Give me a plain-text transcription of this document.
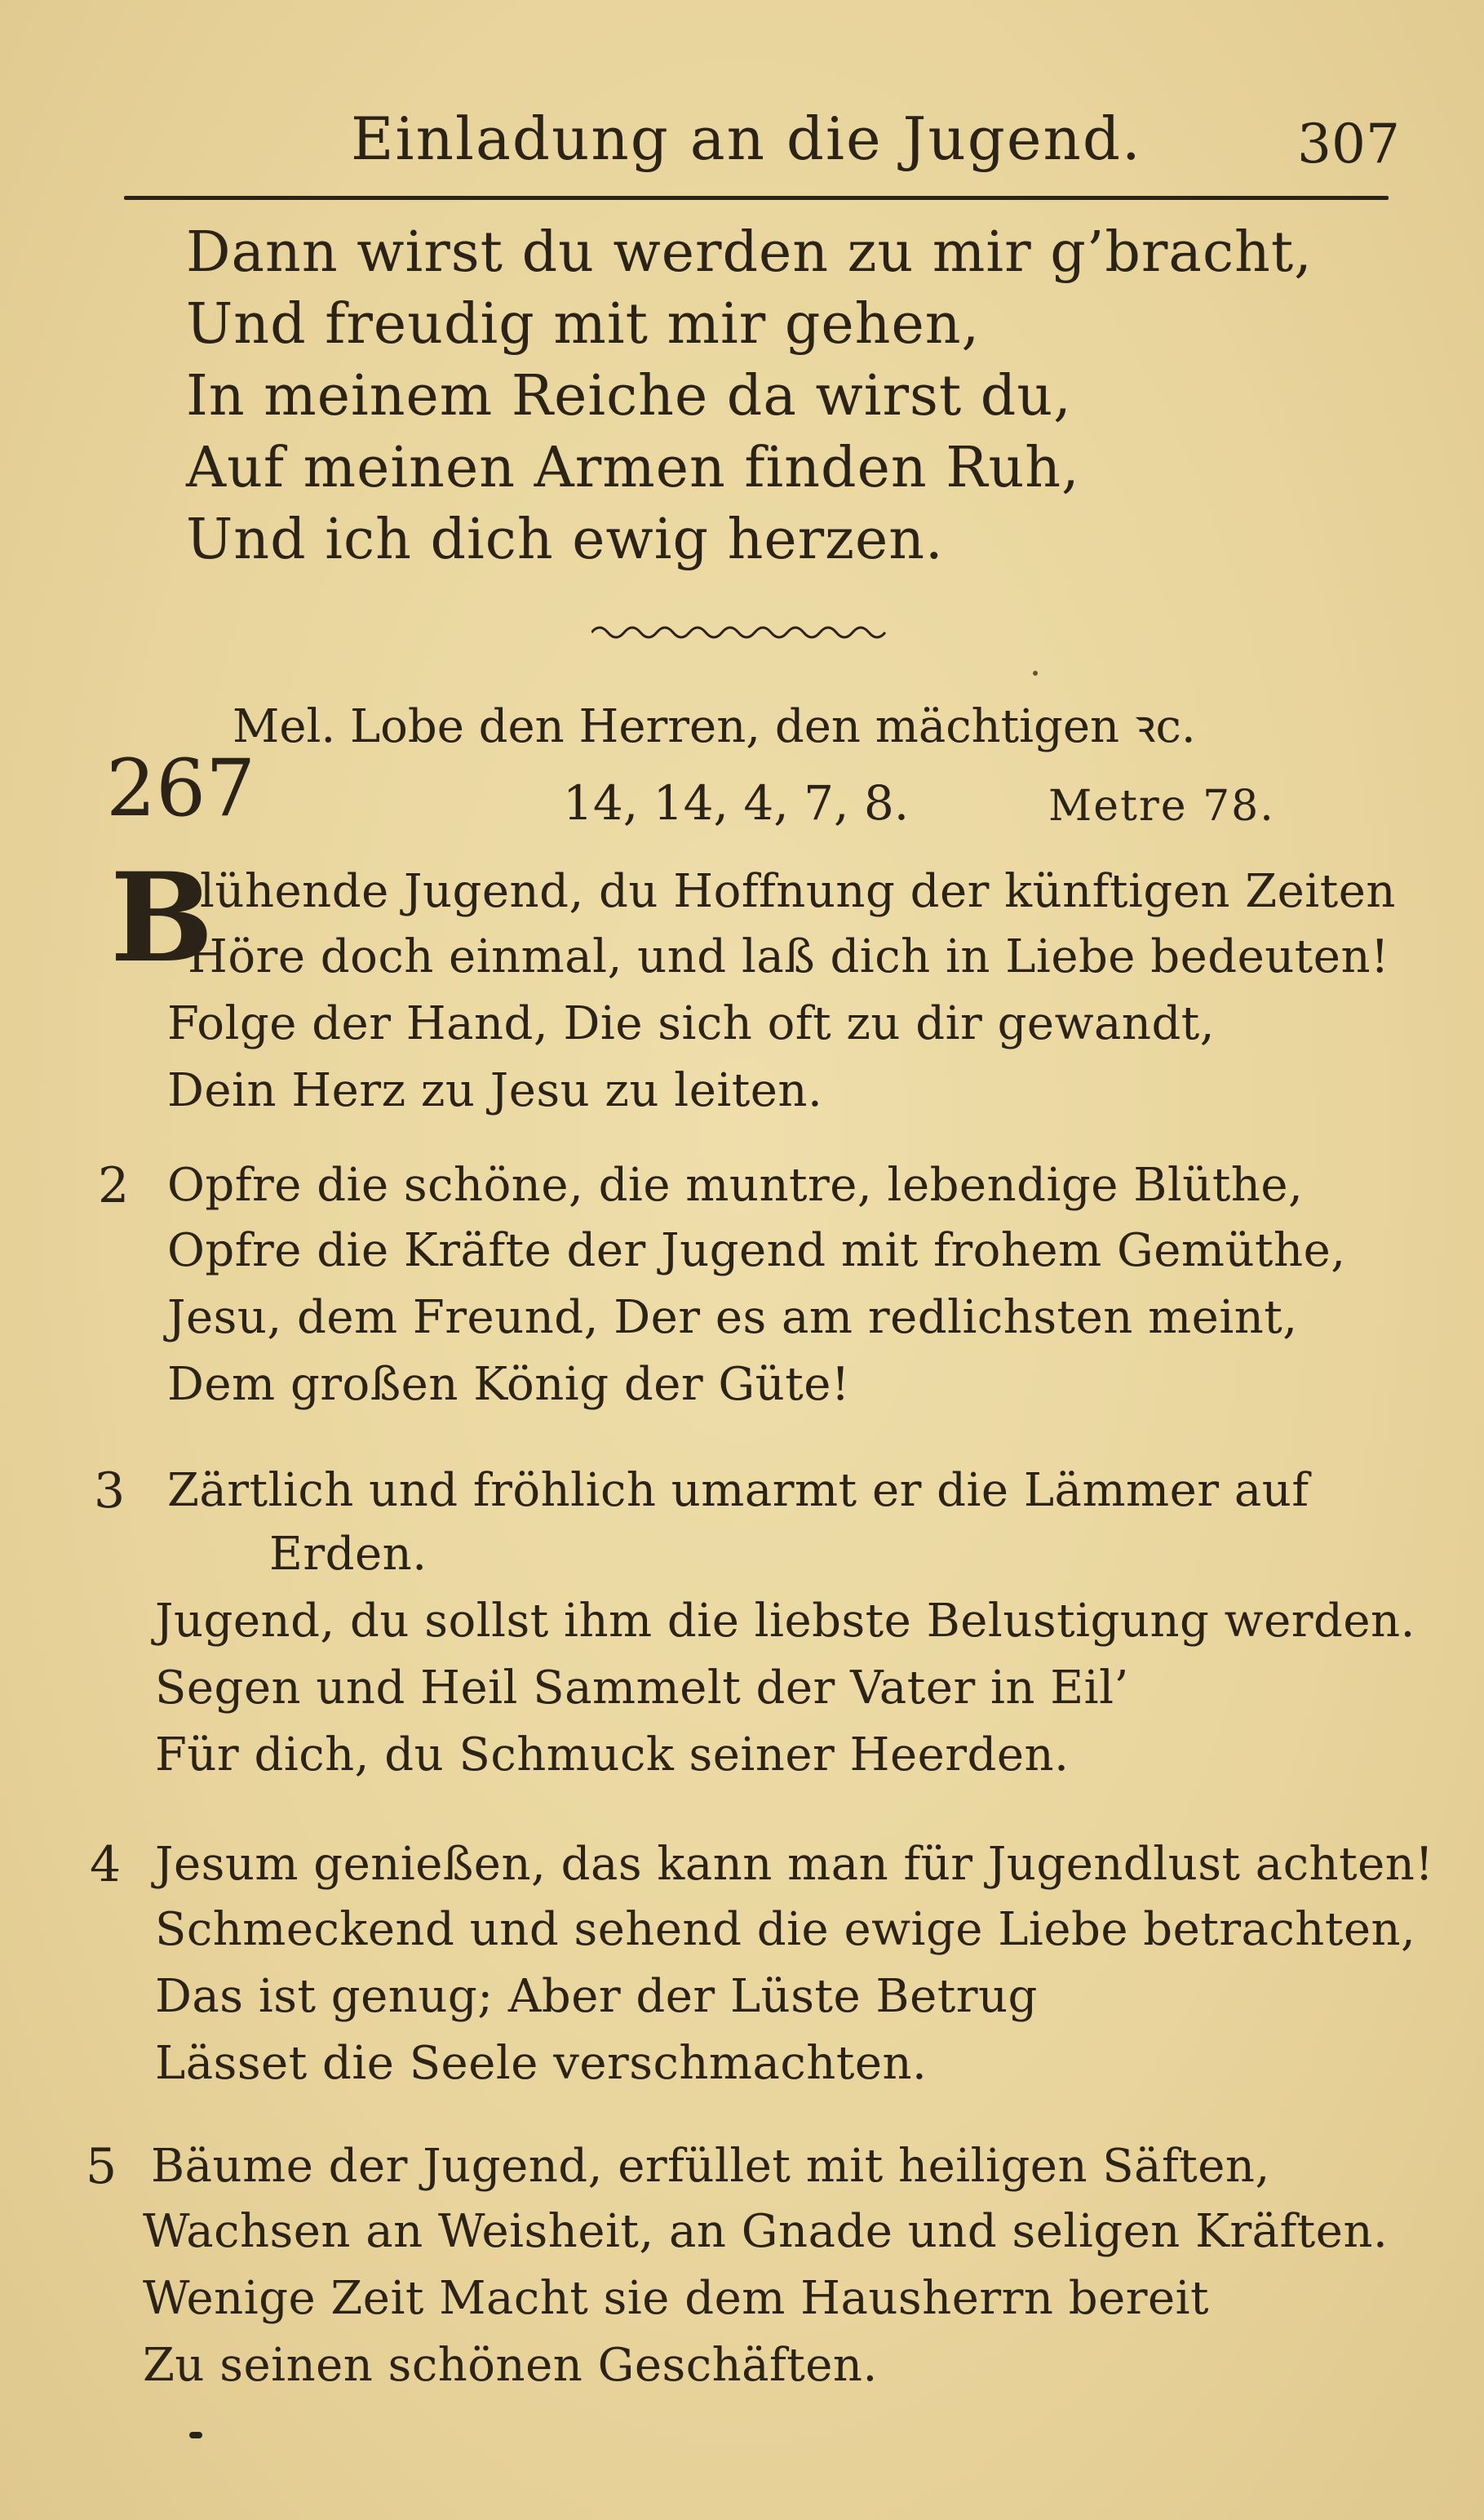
Einladung an die Jugend.	307
Dann wirst du werden zu mir g’bracht,
Und freudig mit mir gehen,
In meinem Reiche da wirst du,
Auf meinen Armen finden Ruh,
Und ich dich ewig herzen.
Mel. Lobe den Herren, den mächtigen ꝛc.
267	14, 14, 4, 7, 8.	Metre 78.
B
lühende Jugend, du Hoffnung der künftigen Zeiten
Höre doch einmal, und laß dich in Liebe bedeuten!
Folge der Hand, Die sich oft zu dir gewandt,
Dein Herz zu Jesu zu leiten.
2 Opfre die schöne, die muntre, lebendige Blüthe,
Opfre die Kräfte der Jugend mit frohem Gemüthe,
Jesu, dem Freund, Der es am redlichsten meint,
Dem großen König der Güte!
3 Zärtlich und fröhlich umarmt er die Lämmer auf
Erden.
Jugend, du sollst ihm die liebste Belustigung werden.
Segen und Heil Sammelt der Vater in Eil’
Für dich, du Schmuck seiner Heerden.
4 Jesum genießen, das kann man für Jugendlust achten!
Schmeckend und sehend die ewige Liebe betrachten,
Das ist genug; Aber der Lüste Betrug
Lässet die Seele verschmachten.
5 Bäume der Jugend, erfüllet mit heiligen Säften,
Wachsen an Weisheit, an Gnade und seligen Kräften.
Wenige Zeit Macht sie dem Hausherrn bereit
Zu seinen schönen Geschäften.
